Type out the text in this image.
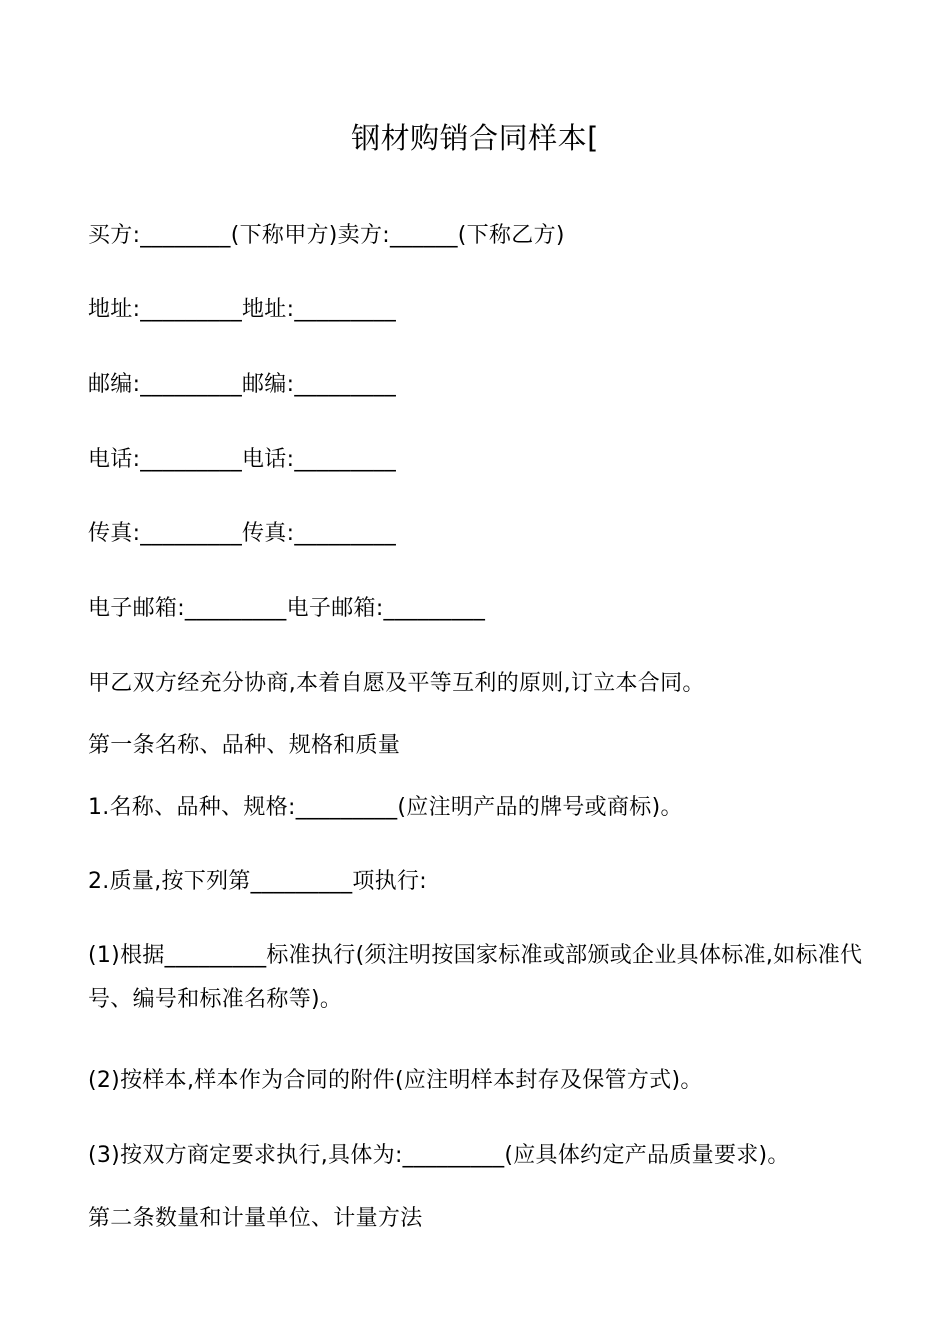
钢材购销合同样本[
买方:________(下称甲方)卖方:______(下称乙方)
地址:_________地址:_________
邮编:_________邮编:_________
电话:_________电话:_________
传真:_________传真:_________
电子邮箱:_________电子邮箱:_________
甲乙双方经充分协商,本着自愿及平等互利的原则,订立本合同。
第一条名称、品种、规格和质量
1.名称、品种、规格:_________(应注明产品的牌号或商标)。
2.质量,按下列第_________项执行:
(1)根据_________标准执行(须注明按国家标准或部颁或企业具体标准,如标准代号、编号和标准名称等)。
(2)按样本,样本作为合同的附件(应注明样本封存及保管方式)。
(3)按双方商定要求执行,具体为:_________(应具体约定产品质量要求)。
第二条数量和计量单位、计量方法
